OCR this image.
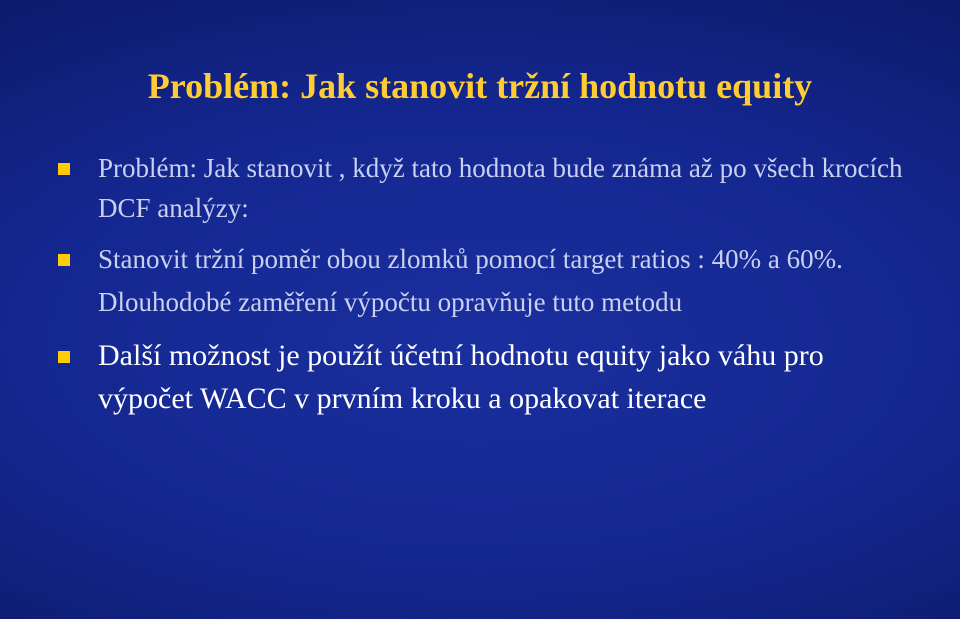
Problém: Jak stanovit tržní hodnotu equity
Problém: Jak stanovit , když tato hodnota bude známa až po všech krocích DCF analýzy:
Stanovit tržní poměr obou zlomků pomocí target ratios : 40% a 60%. Dlouhodobé zaměření výpočtu opravňuje tuto metodu
Další možnost je použít účetní hodnotu equity jako váhu pro výpočet WACC v prvním kroku a opakovat iterace
